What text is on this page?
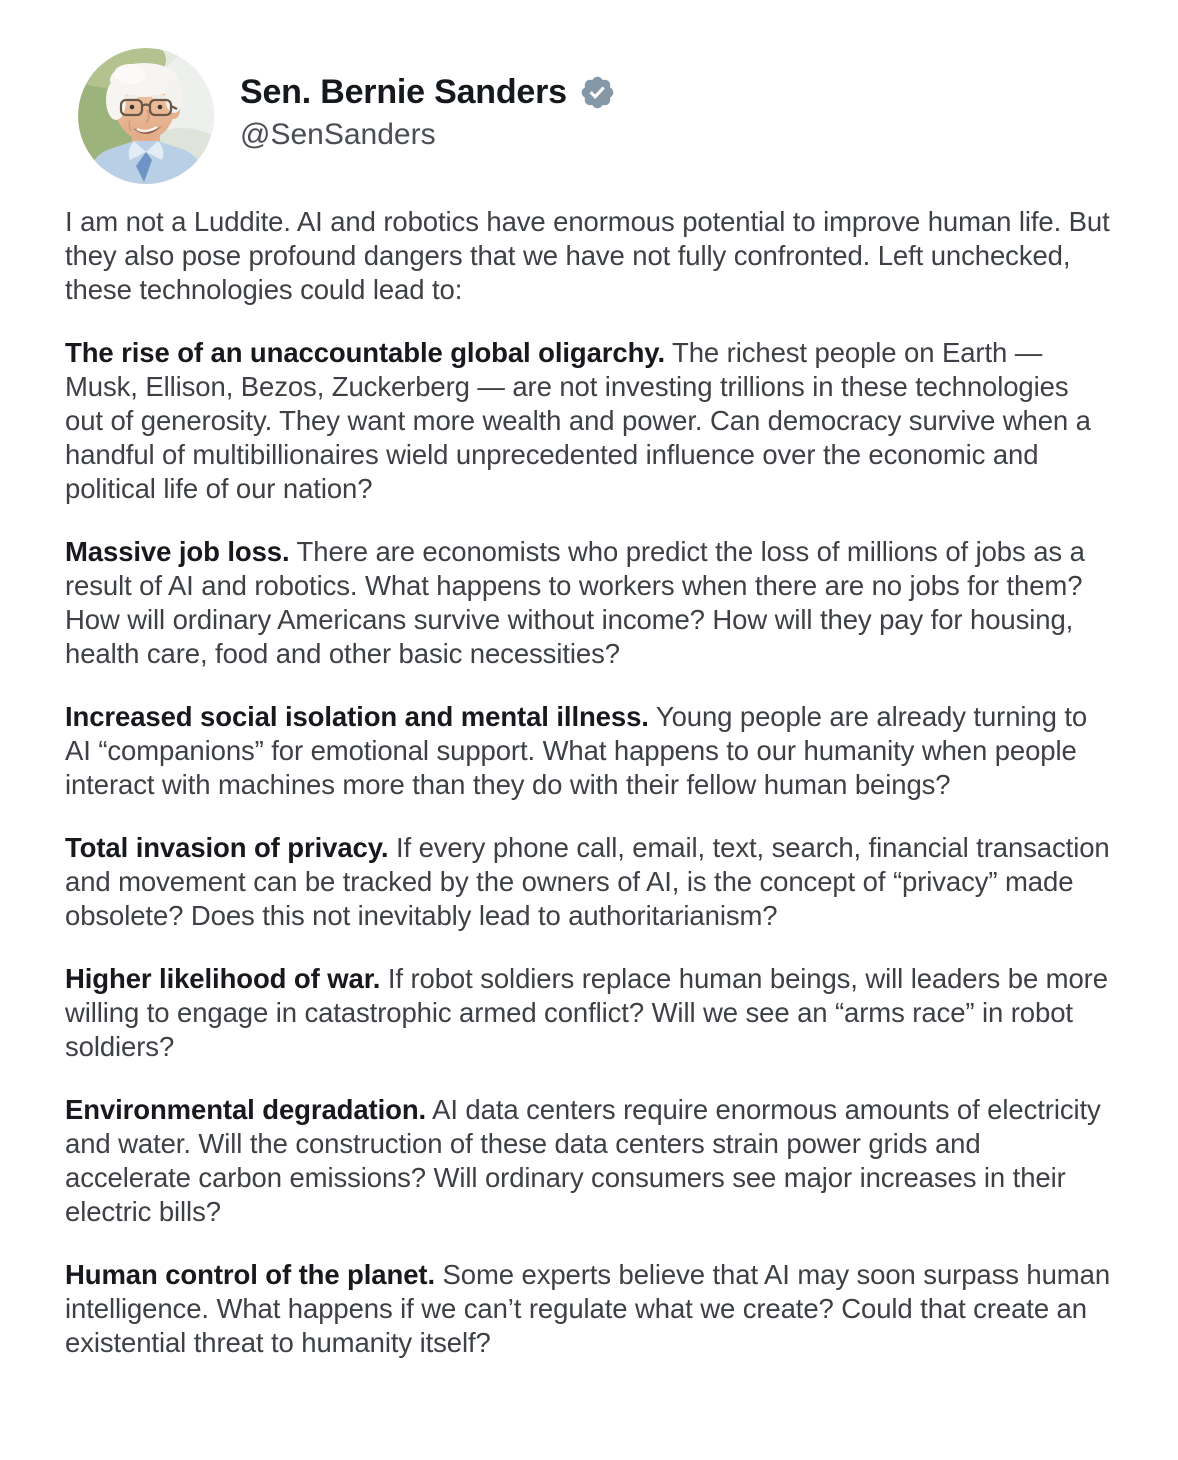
Sen. Bernie Sanders
@SenSanders

I am not a Luddite. AI and robotics have enormous potential to improve human life. But they also pose profound dangers that we have not fully confronted. Left unchecked, these technologies could lead to:

The rise of an unaccountable global oligarchy. The richest people on Earth — Musk, Ellison, Bezos, Zuckerberg — are not investing trillions in these technologies out of generosity. They want more wealth and power. Can democracy survive when a handful of multibillionaires wield unprecedented influence over the economic and political life of our nation?

Massive job loss. There are economists who predict the loss of millions of jobs as a result of AI and robotics. What happens to workers when there are no jobs for them? How will ordinary Americans survive without income? How will they pay for housing, health care, food and other basic necessities?

Increased social isolation and mental illness. Young people are already turning to AI “companions” for emotional support. What happens to our humanity when people interact with machines more than they do with their fellow human beings?

Total invasion of privacy. If every phone call, email, text, search, financial transaction and movement can be tracked by the owners of AI, is the concept of “privacy” made obsolete? Does this not inevitably lead to authoritarianism?

Higher likelihood of war. If robot soldiers replace human beings, will leaders be more willing to engage in catastrophic armed conflict? Will we see an “arms race” in robot soldiers?

Environmental degradation. AI data centers require enormous amounts of electricity and water. Will the construction of these data centers strain power grids and accelerate carbon emissions? Will ordinary consumers see major increases in their electric bills?

Human control of the planet. Some experts believe that AI may soon surpass human intelligence. What happens if we can’t regulate what we create? Could that create an existential threat to humanity itself?
